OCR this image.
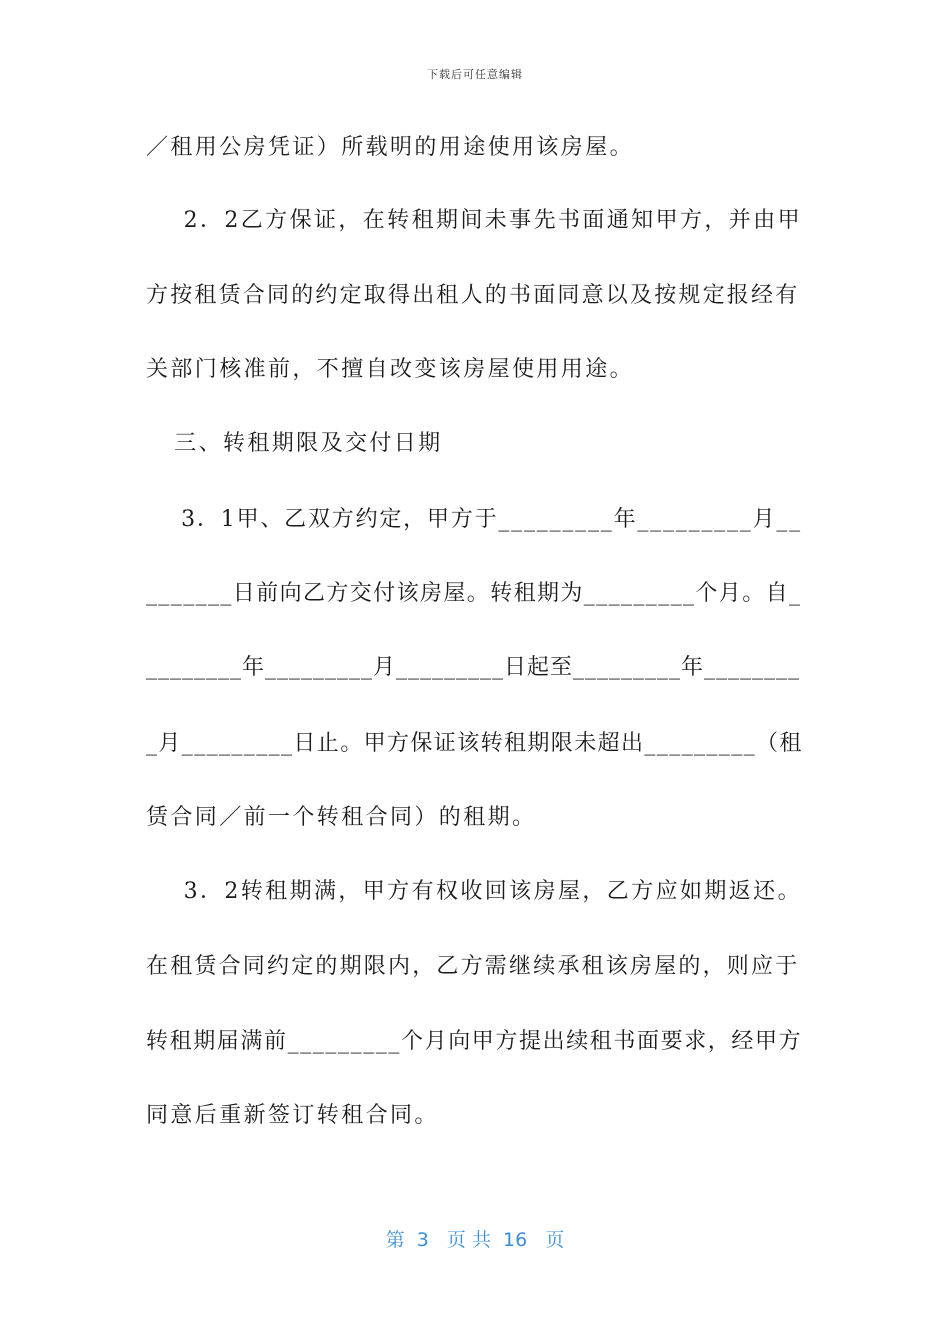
下载后可任意编辑
／租用公房凭证）所载明的用途使用该房屋。
2．2乙方保证，在转租期间未事先书面通知甲方，并由甲
方按租赁合同的约定取得出租人的书面同意以及按规定报经有
关部门核准前，不擅自改变该房屋使用用途。
三、转租期限及交付日期
3．1甲、乙双方约定，甲方于_________年_________月__
_______日前向乙方交付该房屋。转租期为_________个月。自_
________年_________月_________日起至_________年________
_月_________日止。甲方保证该转租期限未超出_________（租
赁合同／前一个转租合同）的租期。
3．2转租期满，甲方有权收回该房屋，乙方应如期返还。
在租赁合同约定的期限内，乙方需继续承租该房屋的，则应于
转租期届满前_________个月向甲方提出续租书面要求，经甲方
同意后重新签订转租合同。
第  3   页 共  16   页
